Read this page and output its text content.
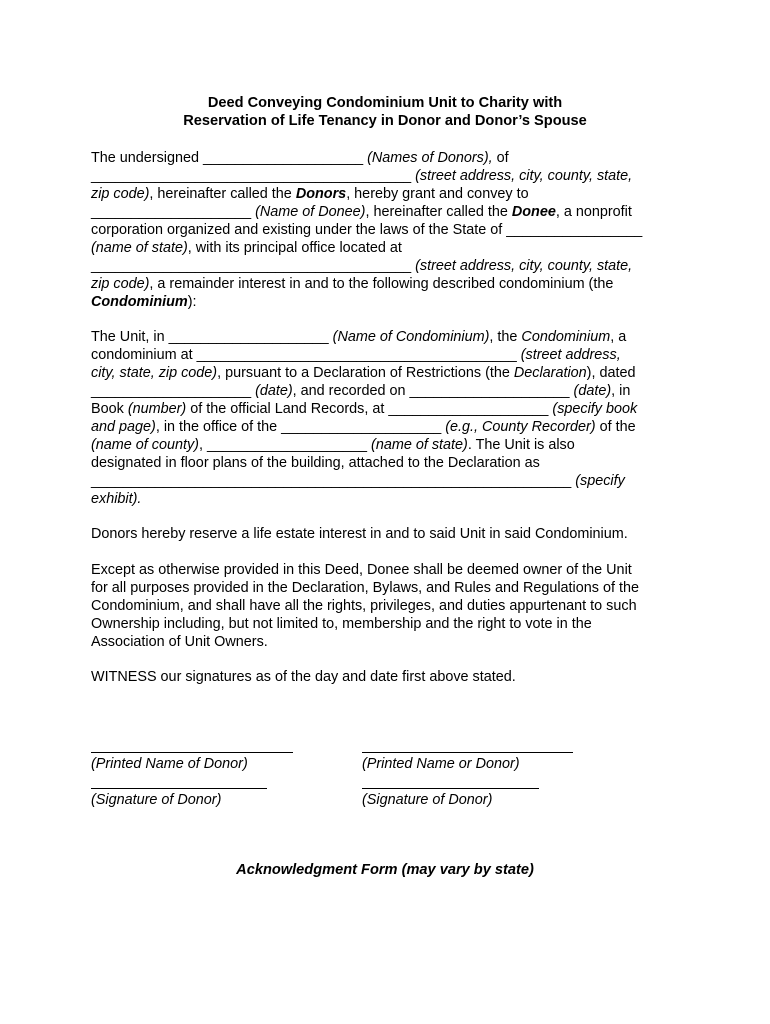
Deed Conveying Condominium Unit to Charity with
Reservation of Life Tenancy in Donor and Donor’s Spouse

The undersigned ____________________ (Names of Donors), of

________________________________________ (street address, city, county, state,

zip code), hereinafter called the Donors, hereby grant and convey to

____________________ (Name of Donee), hereinafter called the Donee, a nonprofit

corporation organized and existing under the laws of the State of _________________

(name of state), with its principal office located at

________________________________________ (street address, city, county, state,

zip code), a remainder interest in and to the following described condominium (the

Condominium):

The Unit, in ____________________ (Name of Condominium), the Condominium, a

condominium at ________________________________________ (street address,

city, state, zip code), pursuant to a Declaration of Restrictions (the Declaration), dated

____________________ (date), and recorded on ____________________ (date), in

Book (number) of the official Land Records, at ____________________ (specify book

and page), in the office of the ____________________ (e.g., County Recorder) of the

(name of county), ____________________ (name of state). The Unit is also

designated in floor plans of the building, attached to the Declaration as

____________________________________________________________ (specify

exhibit).

Donors hereby reserve a life estate interest in and to said Unit in said Condominium.

Except as otherwise provided in this Deed, Donee shall be deemed owner of the Unit

for all purposes provided in the Declaration, Bylaws, and Rules and Regulations of the

Condominium, and shall have all the rights, privileges, and duties appurtenant to such

Ownership including, but not limited to, membership and the right to vote in the

Association of Unit Owners.

WITNESS our signatures as of the day and date first above stated.

(Printed Name of Donor)	(Printed Name or Donor)

(Signature of Donor)	(Signature of Donor)

Acknowledgment Form (may vary by state)
